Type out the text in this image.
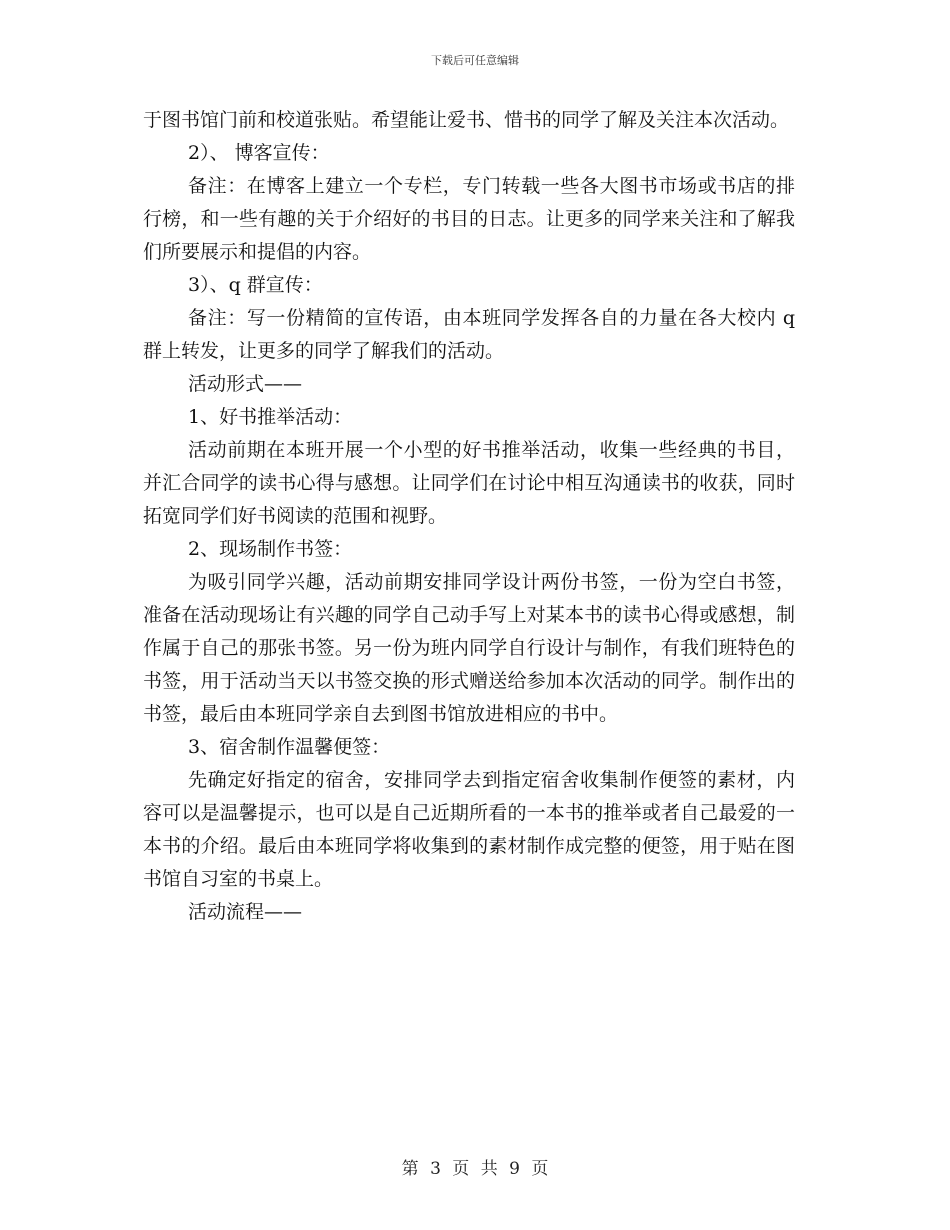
下载后可任意编辑

于图书馆门前和校道张贴。希望能让爱书、惜书的同学了解及关注本次活动。

2）、 博客宣传：

备注：在博客上建立一个专栏，专门转载一些各大图书市场或书店的排行榜，和一些有趣的关于介绍好的书目的日志。让更多的同学来关注和了解我们所要展示和提倡的内容。

3）、q 群宣传：

备注：写一份精简的宣传语，由本班同学发挥各自的力量在各大校内 q 群上转发，让更多的同学了解我们的活动。

活动形式——

1、好书推举活动：

活动前期在本班开展一个小型的好书推举活动，收集一些经典的书目，并汇合同学的读书心得与感想。让同学们在讨论中相互沟通读书的收获，同时拓宽同学们好书阅读的范围和视野。

2、现场制作书签：

为吸引同学兴趣，活动前期安排同学设计两份书签，一份为空白书签，准备在活动现场让有兴趣的同学自己动手写上对某本书的读书心得或感想，制作属于自己的那张书签。另一份为班内同学自行设计与制作，有我们班特色的书签，用于活动当天以书签交换的形式赠送给参加本次活动的同学。制作出的书签，最后由本班同学亲自去到图书馆放进相应的书中。

3、宿舍制作温馨便签：

先确定好指定的宿舍，安排同学去到指定宿舍收集制作便签的素材，内容可以是温馨提示，也可以是自己近期所看的一本书的推举或者自己最爱的一本书的介绍。最后由本班同学将收集到的素材制作成完整的便签，用于贴在图书馆自习室的书桌上。

活动流程——

第 3 页 共 9 页
